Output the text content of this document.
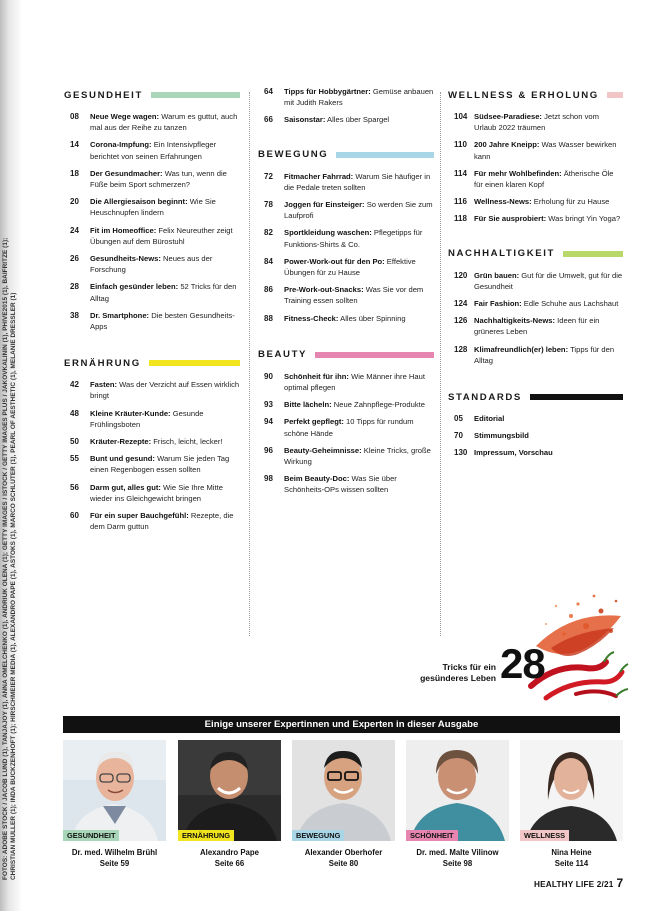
FOTOS: ADOBE STOCK / JACOB LUND (1), TANJAJOY (1), ANNA OMELCHENKO (1), ANDRIUK OLENA (1); GETTY IMAGES / ISTOCK / GETTY IMAGES PLUS / JAKOVKALININ (1), PHIVE2015 (1), BAIFRITZE (1); CHRISTIAN MÜLLER (1); INDA BUCKZENHÖFT (1); HIRSCHMEIER MEDIA (1), ALEXANDRO PAPE (1), ASTOKS (1), MARCO SCHLÜTER (1), PEARL OF AESTHETIC (1), MELANIE DRESSLER (1)
GESUNDHEIT
08	Neue Wege wagen: Warum es guttut, auch mal aus der Reihe zu tanzen
14	Corona-Impfung: Ein Intensivpfleger berichtet von seinen Erfahrungen
18	Der Gesundmacher: Was tun, wenn die Füße beim Sport schmerzen?
20	Die Allergiesaison beginnt: Wie Sie Heuschnupfen lindern
24	Fit im Homeoffice: Felix Neureuther zeigt Übungen auf dem Bürostuhl
26	Gesundheits-News: Neues aus der Forschung
28	Einfach gesünder leben: 52 Tricks für den Alltag
38	Dr. Smartphone: Die besten Gesundheits-Apps
ERNÄHRUNG
42	Fasten: Was der Verzicht auf Essen wirklich bringt
48	Kleine Kräuter-Kunde: Gesunde Frühlingsboten
50	Kräuter-Rezepte: Frisch, leicht, lecker!
55	Bunt und gesund: Warum Sie jeden Tag einen Regenbogen essen sollten
56	Darm gut, alles gut: Wie Sie Ihre Mitte wieder ins Gleichgewicht bringen
60	Für ein super Bauchgefühl: Rezepte, die dem Darm guttun
64	Tipps für Hobbygärtner: Gemüse anbauen mit Judith Rakers
66	Saisonstar: Alles über Spargel
BEWEGUNG
72	Fitmacher Fahrrad: Warum Sie häufiger in die Pedale treten sollten
78	Joggen für Einsteiger: So werden Sie zum Laufprofi
82	Sportkleidung waschen: Pflegetipps für Funktions-Shirts & Co.
84	Power-Work-out für den Po: Effektive Übungen für zu Hause
86	Pre-Work-out-Snacks: Was Sie vor dem Training essen sollten
88	Fitness-Check: Alles über Spinning
BEAUTY
90	Schönheit für ihn: Wie Männer ihre Haut optimal pflegen
93	Bitte lächeln: Neue Zahnpflege-Produkte
94	Perfekt gepflegt: 10 Tipps für rundum schöne Hände
96	Beauty-Geheimnisse: Kleine Tricks, große Wirkung
98	Beim Beauty-Doc: Was Sie über Schönheits-OPs wissen sollten
WELLNESS & ERHOLUNG
104 Südsee-Paradiese: Jetzt schon vom Urlaub 2022 träumen
110 200 Jahre Kneipp: Was Wasser bewirken kann
114 Für mehr Wohlbefinden: Ätherische Öle für einen klaren Kopf
116 Wellness-News: Erholung für zu Hause
118 Für Sie ausprobiert: Was bringt Yin Yoga?
NACHHALTIGKEIT
120 Grün bauen: Gut für die Umwelt, gut für die Gesundheit
124 Fair Fashion: Edle Schuhe aus Lachshaut
126 Nachhaltigkeits-News: Ideen für ein grüneres Leben
128 Klimafreundlich(er) leben: Tipps für den Alltag
STANDARDS
05	Editorial
70	Stimmungsbild
130 Impressum, Vorschau
Tricks für ein gesünderes Leben 28
Einige unserer Expertinnen und Experten in dieser Ausgabe
GESUNDHEIT
Dr. med. Wilhelm Brühl
Seite 59
ERNÄHRUNG
Alexandro Pape
Seite 66
BEWEGUNG
Alexander Oberhofer
Seite 80
SCHÖNHEIT
Dr. med. Malte Vilinow
Seite 98
WELLNESS
Nina Heine
Seite 114
HEALTHY LIFE 2/21 7
